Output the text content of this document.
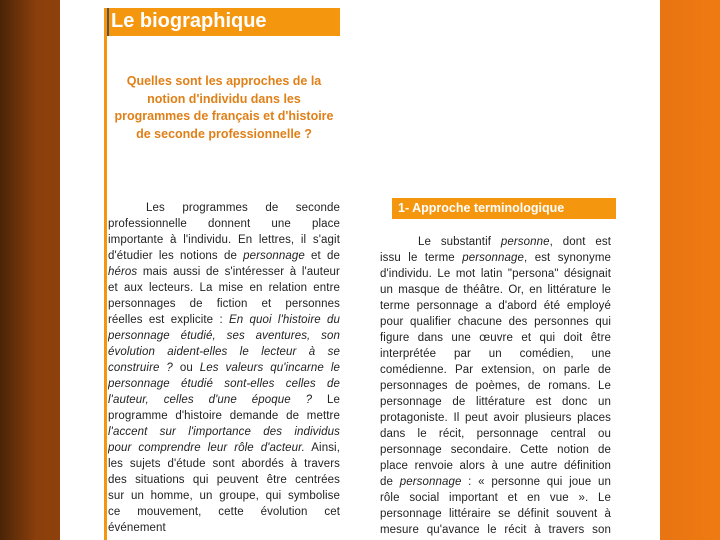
Le biographique
Quelles sont les approches de la notion d'individu dans les programmes de français et d'histoire de seconde professionnelle ?
Les programmes de seconde
professionnelle donnent une place
importante à l'individu. En lettres, il s'agit
d'étudier les notions de personnage et de
héros mais aussi de s'intéresser à l'auteur
et aux lecteurs. La mise en relation entre
personnages de fiction et personnes
réelles est explicite : En quoi l'histoire du
personnage étudié, ses aventures, son
évolution aident-elles le lecteur à se
construire ? ou Les valeurs qu'incarne le
personnage étudié sont-elles celles de
l'auteur, celles d'une époque ? Le
programme d'histoire demande de mettre
l'accent sur l'importance des individus
pour comprendre leur rôle d'acteur. Ainsi,
les sujets d'étude sont abordés à travers
des situations qui peuvent être centrées
sur un homme, un groupe, qui symbolise
ce mouvement, cette évolution cet
événement
1- Approche terminologique
Le substantif personne, dont est
issu le terme personnage, est synonyme
d'individu. Le mot latin "persona" désignait
un masque de théâtre. Or, en littérature le
terme personnage a d'abord été employé
pour qualifier chacune des personnes qui
figure dans une œuvre et qui doit être
interprétée par un comédien, une
comédienne. Par extension, on parle de
personnages de poèmes, de romans. Le
personnage de littérature est donc un
protagoniste. Il peut avoir plusieurs places
dans le récit, personnage central ou
personnage secondaire. Cette notion de
place renvoie alors à une autre définition
de personnage : « personne qui joue un
rôle social important et en vue ». Le
personnage littéraire se définit souvent à
mesure qu'avance le récit à travers son
